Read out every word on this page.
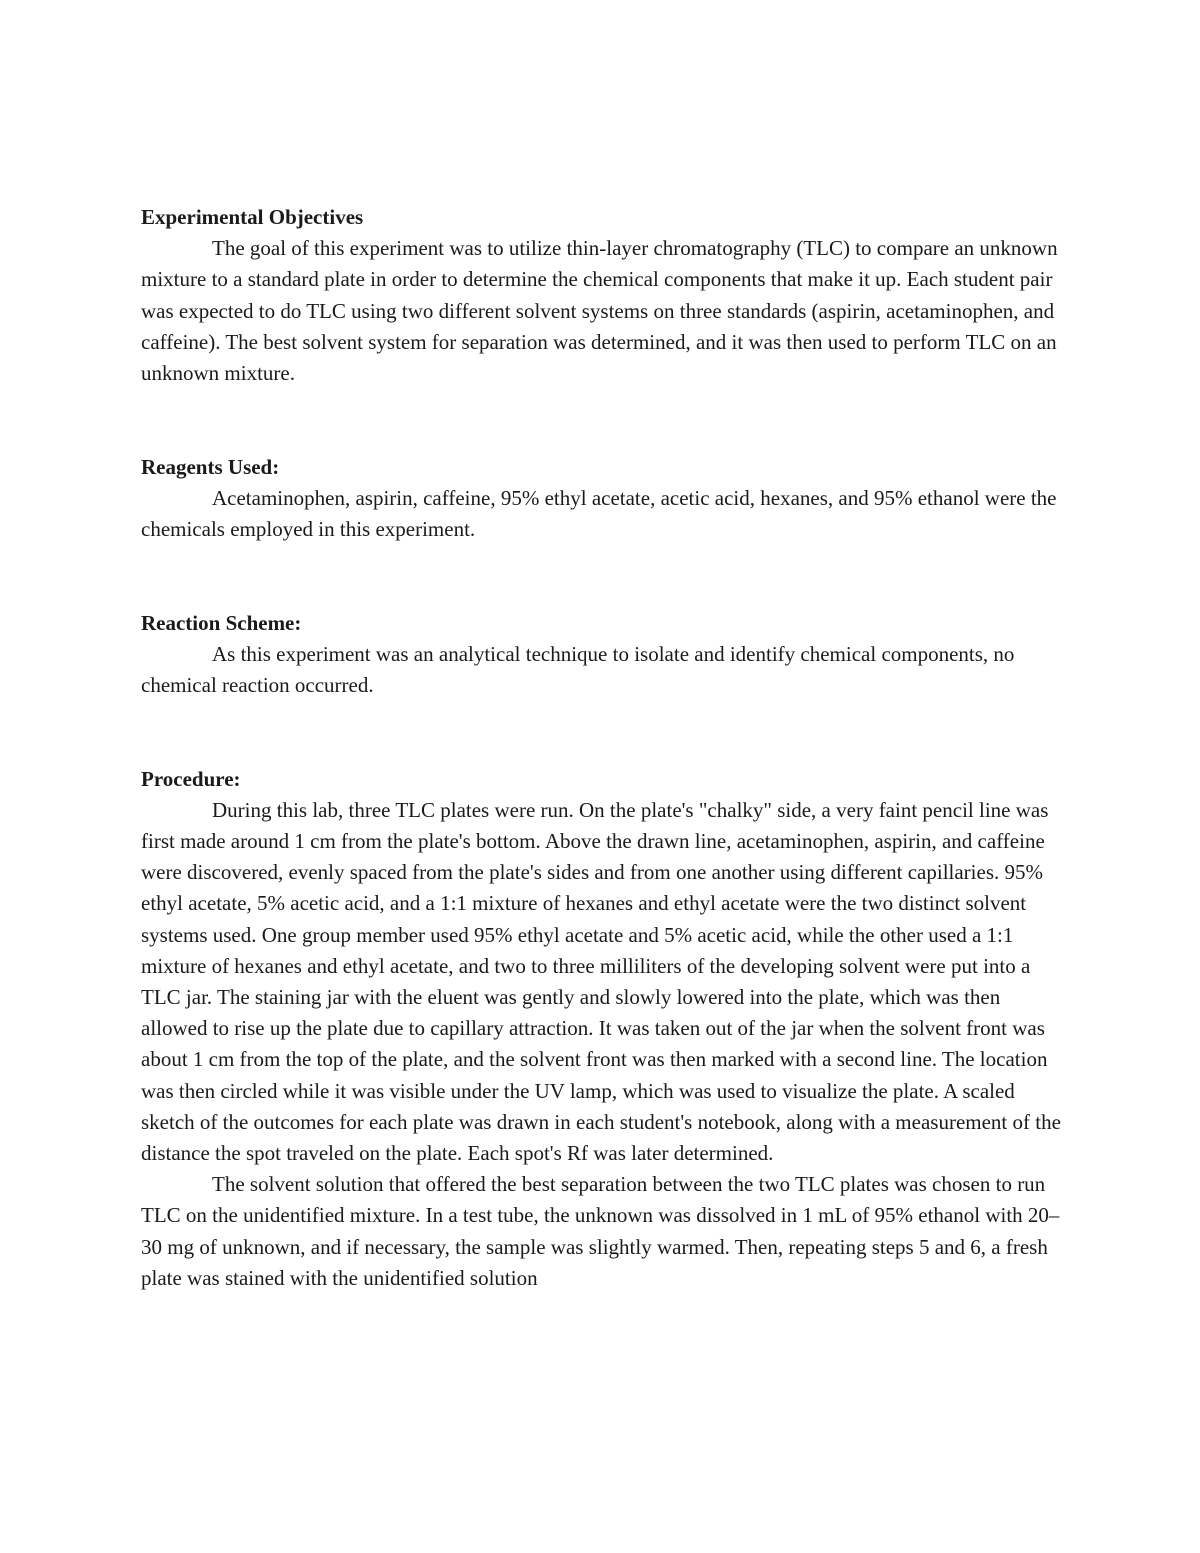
Experimental Objectives

The goal of this experiment was to utilize thin-layer chromatography (TLC) to compare an unknown mixture to a standard plate in order to determine the chemical components that make it up. Each student pair was expected to do TLC using two different solvent systems on three standards (aspirin, acetaminophen, and caffeine). The best solvent system for separation was determined, and it was then used to perform TLC on an unknown mixture.

Reagents Used:

Acetaminophen, aspirin, caffeine, 95% ethyl acetate, acetic acid, hexanes, and 95% ethanol were the chemicals employed in this experiment.

Reaction Scheme:

As this experiment was an analytical technique to isolate and identify chemical components, no chemical reaction occurred.

Procedure:

During this lab, three TLC plates were run. On the plate's "chalky" side, a very faint pencil line was first made around 1 cm from the plate's bottom. Above the drawn line, acetaminophen, aspirin, and caffeine were discovered, evenly spaced from the plate's sides and from one another using different capillaries. 95% ethyl acetate, 5% acetic acid, and a 1:1 mixture of hexanes and ethyl acetate were the two distinct solvent systems used. One group member used 95% ethyl acetate and 5% acetic acid, while the other used a 1:1 mixture of hexanes and ethyl acetate, and two to three milliliters of the developing solvent were put into a TLC jar. The staining jar with the eluent was gently and slowly lowered into the plate, which was then allowed to rise up the plate due to capillary attraction. It was taken out of the jar when the solvent front was about 1 cm from the top of the plate, and the solvent front was then marked with a second line. The location was then circled while it was visible under the UV lamp, which was used to visualize the plate. A scaled sketch of the outcomes for each plate was drawn in each student's notebook, along with a measurement of the distance the spot traveled on the plate. Each spot's Rf was later determined.

The solvent solution that offered the best separation between the two TLC plates was chosen to run TLC on the unidentified mixture. In a test tube, the unknown was dissolved in 1 mL of 95% ethanol with 20–30 mg of unknown, and if necessary, the sample was slightly warmed. Then, repeating steps 5 and 6, a fresh plate was stained with the unidentified solution
